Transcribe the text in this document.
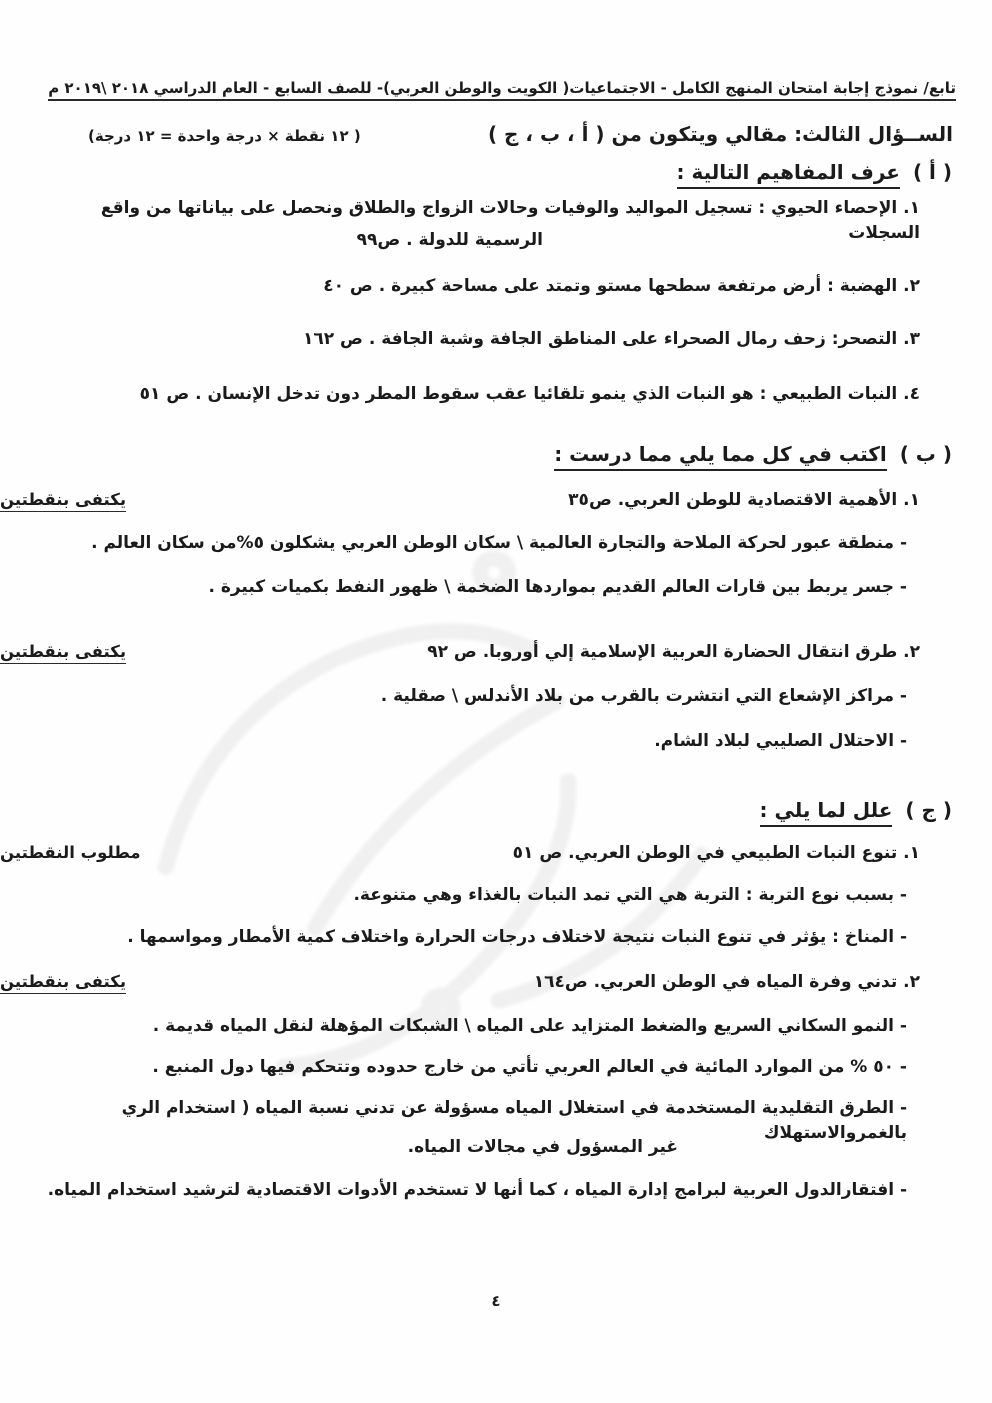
تابع/ نموذج إجابة امتحان المنهج الكامل - الاجتماعيات( الكويت والوطن العربي)- للصف السابع - العام الدراسي ٢٠١٨ \٢٠١٩ م
الســؤال الثالث: مقالي ويتكون من ( أ ، ب ، ج )
( ١٢ نقطة × درجة واحدة = ١٢ درجة)
( أ ) عرف المفاهيم التالية :
١. الإحصاء الحيوي : تسجيل المواليد والوفيات وحالات الزواج والطلاق ونحصل على بياناتها من واقع السجلات
الرسمية للدولة . ص٩٩
٢. الهضبة : أرض مرتفعة سطحها مستو وتمتد على مساحة كبيرة . ص ٤٠
٣. التصحر: زحف رمال الصحراء على المناطق الجافة وشبة الجافة . ص ١٦٢
٤. النبات الطبيعي : هو النبات الذي ينمو تلقائيا عقب سقوط المطر دون تدخل الإنسان . ص ٥١
( ب ) اكتب في كل مما يلي مما درست :
١. الأهمية الاقتصادية للوطن العربي. ص٣٥
يكتفى بنقطتين
- منطقة عبور لحركة الملاحة والتجارة العالمية \ سكان الوطن العربي يشكلون ٥%من سكان العالم .
- جسر يربط بين قارات العالم القديم بمواردها الضخمة \ ظهور النفط بكميات كبيرة .
٢. طرق انتقال الحضارة العربية الإسلامية إلي أوروبا. ص ٩٢
يكتفى بنقطتين
- مراكز الإشعاع التي انتشرت بالقرب من بلاد الأندلس \ صقلية .
- الاحتلال الصليبي لبلاد الشام.
( ج ) علل لما يلي :
١. تنوع النبات الطبيعي في الوطن العربي. ص ٥١
مطلوب النقطتين
- بسبب نوع التربة : التربة هي التي تمد النبات بالغذاء وهي متنوعة.
- المناخ : يؤثر في تنوع النبات نتيجة لاختلاف درجات الحرارة واختلاف كمية الأمطار ومواسمها .
٢. تدني وفرة المياه في الوطن العربي. ص١٦٤
يكتفى بنقطتين
- النمو السكاني السريع والضغط المتزايد على المياه \ الشبكات المؤهلة لنقل المياه قديمة .
- ٥٠ % من الموارد المائية في العالم العربي تأتي من خارج حدوده وتتحكم فيها دول المنبع .
- الطرق التقليدية المستخدمة في استغلال المياه مسؤولة عن تدني نسبة المياه ( استخدام الري بالغمروالاستهلاك
غير المسؤول في مجالات المياه.
- افتقارالدول العربية لبرامج إدارة المياه ، كما أنها لا تستخدم الأدوات الاقتصادية لترشيد استخدام المياه.
٤
